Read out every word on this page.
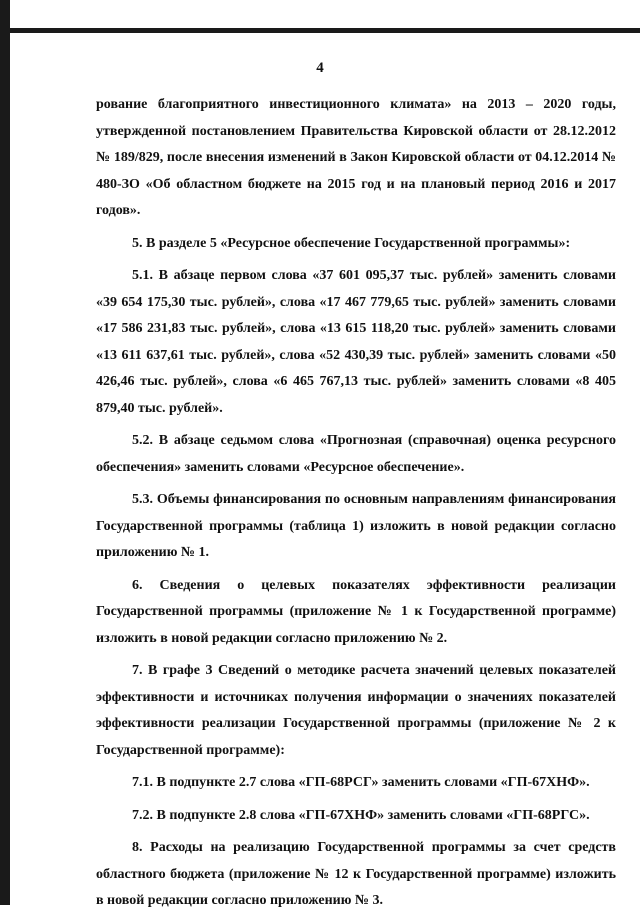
4

рование благоприятного инвестиционного климата» на 2013 – 2020 годы, утвержденной постановлением Правительства Кировской области от 28.12.2012 № 189/829, после внесения изменений в Закон Кировской области от 04.12.2014 № 480-ЗО «Об областном бюджете на 2015 год и на плановый период 2016 и 2017 годов».

5. В разделе 5 «Ресурсное обеспечение Государственной программы»:

5.1. В абзаце первом слова «37 601 095,37 тыс. рублей» заменить словами «39 654 175,30 тыс. рублей», слова «17 467 779,65 тыс. рублей» заменить словами «17 586 231,83 тыс. рублей», слова «13 615 118,20 тыс. рублей» заменить словами «13 611 637,61 тыс. рублей», слова «52 430,39 тыс. рублей» заменить словами «50 426,46 тыс. рублей», слова «6 465 767,13 тыс. рублей» заменить словами «8 405 879,40 тыс. рублей».

5.2. В абзаце седьмом слова «Прогнозная (справочная) оценка ресурсного обеспечения» заменить словами «Ресурсное обеспечение».

5.3. Объемы финансирования по основным направлениям финансирования Государственной программы (таблица 1) изложить в новой редакции согласно приложению № 1.

6. Сведения о целевых показателях эффективности реализации Государственной программы (приложение № 1 к Государственной программе) изложить в новой редакции согласно приложению № 2.

7. В графе 3 Сведений о методике расчета значений целевых показателей эффективности и источниках получения информации о значениях показателей эффективности реализации Государственной программы (приложение № 2 к Государственной программе):

7.1. В подпункте 2.7 слова «ГП-68РСГ» заменить словами «ГП-67ХНФ».

7.2. В подпункте 2.8 слова «ГП-67ХНФ» заменить словами «ГП-68РГС».

8. Расходы на реализацию Государственной программы за счет средств областного бюджета (приложение № 12 к Государственной программе) изложить в новой редакции согласно приложению № 3.
